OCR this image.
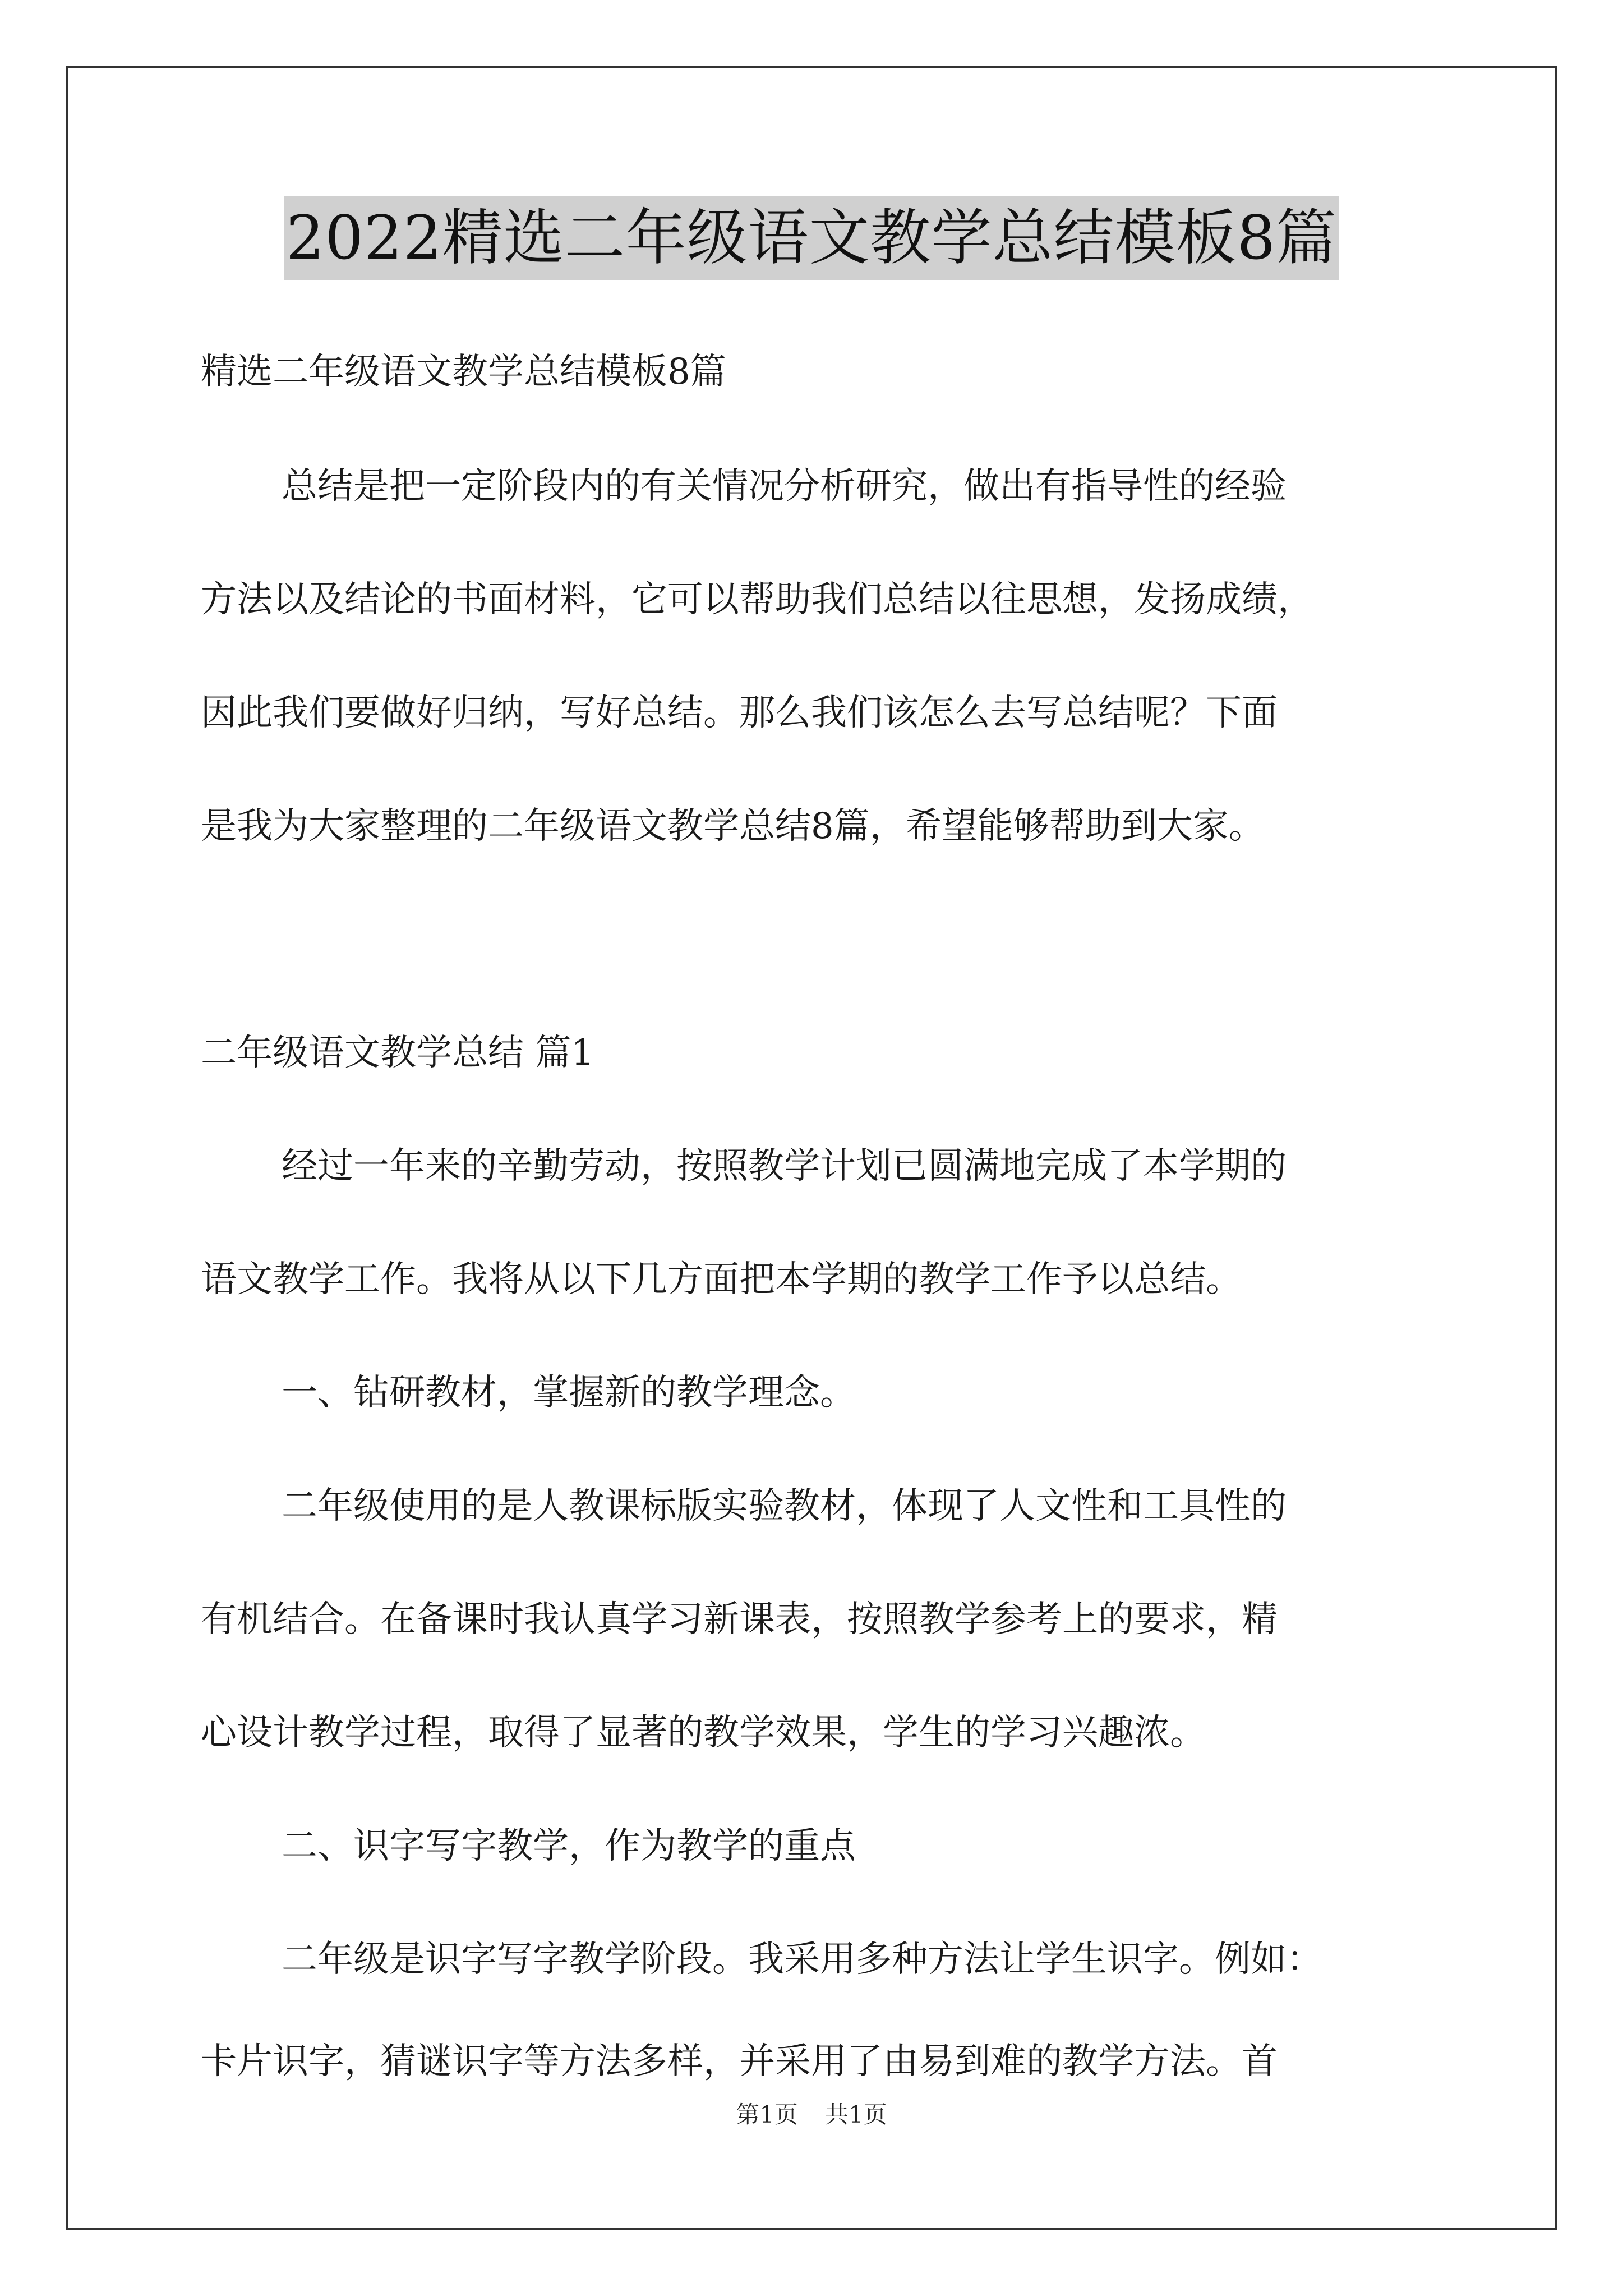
2022精选二年级语文教学总结模板8篇
精选二年级语文教学总结模板8篇
总结是把一定阶段内的有关情况分析研究，做出有指导性的经验
方法以及结论的书面材料，它可以帮助我们总结以往思想，发扬成绩，
因此我们要做好归纳，写好总结。那么我们该怎么去写总结呢？下面
是我为大家整理的二年级语文教学总结8篇，希望能够帮助到大家。
二年级语文教学总结 篇1
经过一年来的辛勤劳动，按照教学计划已圆满地完成了本学期的
语文教学工作。我将从以下几方面把本学期的教学工作予以总结。
一、钻研教材，掌握新的教学理念。
二年级使用的是人教课标版实验教材，体现了人文性和工具性的
有机结合。在备课时我认真学习新课表，按照教学参考上的要求，精
心设计教学过程，取得了显著的教学效果，学生的学习兴趣浓。
二、识字写字教学，作为教学的重点
二年级是识字写字教学阶段。我采用多种方法让学生识字。例如：
卡片识字，猜谜识字等方法多样，并采用了由易到难的教学方法。首
第1页 共1页
